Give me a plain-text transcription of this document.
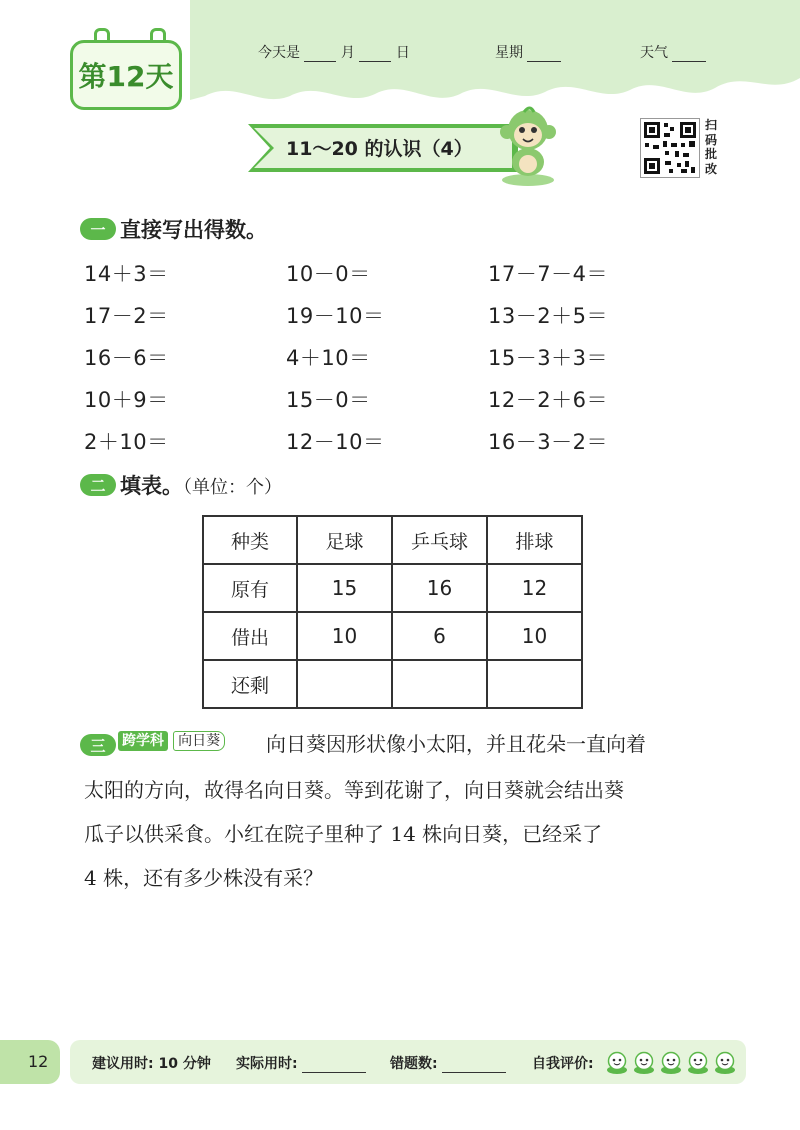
第12天
今天是	月	日	星期	天气
11～20 的认识（4）
扫
码
批
改
一 直接写出得数。
14＋3＝	10－0＝	17－7－4＝
17－2＝	19－10＝	13－2＋5＝
16－6＝	4＋10＝	15－3＋3＝
10＋9＝	15－0＝	12－2＋6＝
2＋10＝	12－10＝	16－3－2＝
二 填表。（单位：个）
种类	足球	乒乓球	排球
原有	15	16	12
借出	10	6	10
还剩			
三	跨学科 向日葵 向日葵因形状像小太阳，并且花朵一直向着
太阳的方向，故得名向日葵。等到花谢了，向日葵就会结出葵
瓜子以供采食。小红在院子里种了 14 株向日葵，已经采了
4 株，还有多少株没有采？
12	建议用时: 10 分钟 实际用时:	错题数:	自我评价:
